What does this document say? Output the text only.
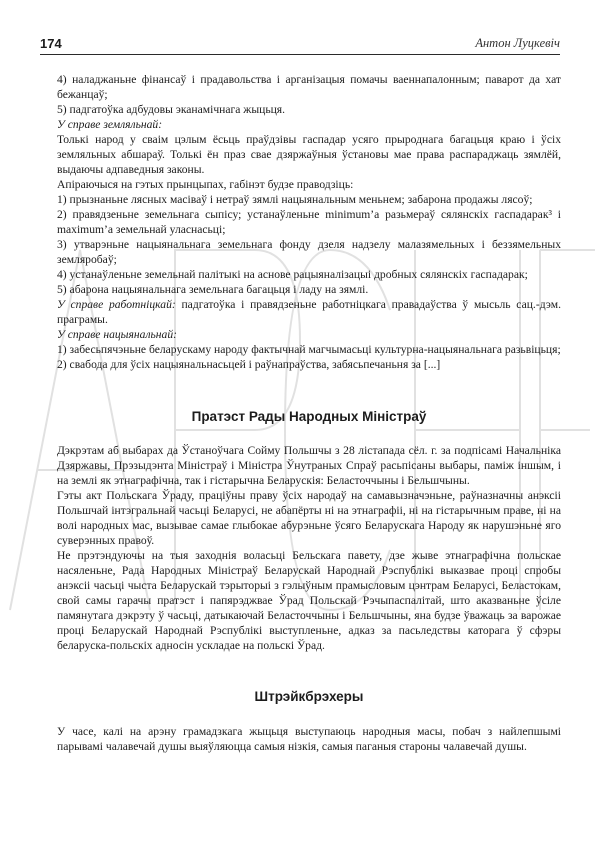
174	Антон Луцкевіч

4) наладжаньне фінансаў і прадавольства і арганізацыя помачы ваеннапалонным; паварот да хат бежанцаў;

5) падгатоўка адбудовы эканамічнага жыцьця.

У справе земляльнай:

Толькі народ у сваім цэлым ёсьць праўдзівы гаспадар усяго прыроднага багацьця краю і ўсіх земляльных абшараў. Толькі ён праз свае дзяржаўныя ўстановы мае права распараджаць зямлёй, выдаючы адпаведныя законы.

Апіраючыся на гэтых прынцыпах, габінэт будзе праводзіць:

1) прызнаньне лясных масіваў і нетраў зямлі нацыянальным меньнем; забарона продажы лясоў;

2) правядзеньне земельнага сыпісу; устанаўленьне minimum’а разьмераў сялянскіх гаспадарак³ і maximum’а земельнай уласнасьці;

3) утварэньне нацыянальнага земельнага фонду дзеля надзелу малазямельных і беззямельных земляробаў;

4) устанаўленьне земельнай палітыкі на аснове рацыяналізацыі дробных сялянскіх гаспадарак;

5) абарона нацыянальнага земельнага багацьця і ладу на зямлі.

У справе работніцкай: падгатоўка і правядзеньне работніцкага правадаўства ў мысьль сац.-дэм. праграмы.

У справе нацыянальнай:

1) забесьпячэньне беларускаму народу фактычнай магчымасьці культурна-нацыянальнага разьвіцьця;

2) свабода для ўсіх нацыянальнасьцей і раўнапраўства, забясьпечаньня за [...]

Пратэст Рады Народных Міністраў

Дэкрэтам аб выбарах да Ўстаноўчага Сойму Польшчы з 28 лістапада сёл. г. за подпісамі Начальніка Дзяржавы, Прэзыдэнта Міністраў і Міністра Ўнутраных Спраў расьпісаны выбары, паміж іншым, і на землі як этнаграфічна, так і гістарычна Беларускія: Беласточчыны і Бельшчыны.

Гэты акт Польскага Ўраду, працiўны праву ўсіх народаў на самавызначэньне, раўназначны анэксіі Польшчай інтэгральнай часьці Беларусі, не абапёрты ні на этнаграфіі, ні на гістарычным праве, ні на волі народных мас, вызывае самае глыбокае абурэньне ўсяго Беларускага Народу як нарушэньне яго суверэнных правоў.

Не прэтэндуючы на тыя заходнія воласьці Бельскага павету, дзе жыве этнаграфічна польскае насяленьне, Рада Народных Міністраў Беларускай Народнай Рэспублікі выказвае проці спробы анэксіі часьці чыста Беларускай тэрыторыі з гэлыўным прамысловым цэнтрам Беларусі, Беластокам, свой самы гарачы пратэст і папярэджвае Ўрад Польскай Рэчыпаспалітай, што аказваньне ўсіле памянутага дэкрэту ў часьці, датыкаючай Беласточчыны і Бельшчыны, яна будзе ўважаць за варожае проці Беларускай Народнай Рэспублікі выступленьне, адказ за пасьледствы каторага ў сфэры беларуска-польскіх адносін ускладае на польскі Ўрад.

Штрэйкбрэхеры

У часе, калі на арэну грамадзкага жыцьця выступаюць народныя масы, побач з найлепшымі парывамі чалавечай душы выяўляюцца самыя нізкія, самыя паганыя староны чалавечай душы.
